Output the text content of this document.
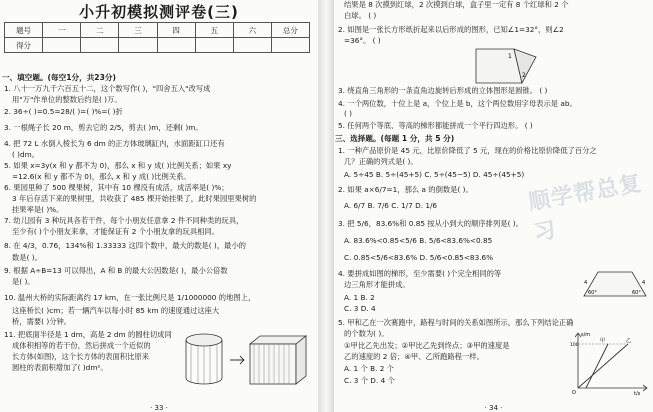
小升初模拟测评卷(三)
题号	一	二	三	四	五	六	总分
得分							
一、填空题。(每空1分，共23分)
1. 八十一万九千六百五十二，这个数写作( )，"四舍五入"改写成
用"万"作单位的整数后约是( )万。
2. 36÷( )=0.5=28/( )=( )%=( )折
3. 一根绳子长 20 m，剪去它的 2/5，剪去( )m，还剩( )m。
4. 把 72 L 水倒入棱长为 6 dm 的正方体玻璃缸内，水面距缸口还有
( )dm。
5. 如果 x=3y(x 和 y 都不为 0)，那么 x 和 y 成( )比例关系；如果 xy
=12.6(x 和 y 都不为 0)，那么 x 和 y 成( )比例关系。
6. 果园里种了 500 棵果树，其中有 10 棵没有成活，成活率是( )%；
3 年后存活下来的果树里，共收获了 485 棵开始挂果了，此时果园里果树的
挂果率是( )%。
7. 幼儿园有 3 种玩具各若干件，每个小朋友任意拿 2 件不同种类的玩具，
至少有( )个小朋友来拿，才能保证有 2 个小朋友拿的玩具相同。
8. 在 4/3，0.76，134%和 1.33333 这四个数中，最大的数是( )，最小的
数是( )。
9. 根据 A÷B=13 可以得出，A 和 B 的最大公因数是( )，最小公倍数
是( )。
10. 温州大桥的实际距离约 17 km，在一张比例尺是 1/1000000 的地图上，
这座桥长( )cm；若一辆汽车以每小时 85 km 的速度通过这座大
桥，需要( )分钟。
11. 把底面半径是 1 dm，高是 2 dm 的圆柱切成同
成体积相等的若干份，然后拼成一个近似的
长方体(如图)，这个长方体的表面积比原来
圆柱的表面积增加了( )dm²。
· 33 ·
结果是 8 次摸到红球，2 次摸到白球，盒子里一定有 8 个红球和 2 个
白球。 ( )
2. 如图是一张长方形纸折起来以后形成的图形，已知∠1=32°，则∠2
=36°。 ( )
1
2
3. 绕直角三角形的一条直角边旋转后形成的立体图形是圆锥。 ( )
4. 一个两位数，十位上是 a，个位上是 b，这个两位数用字母表示是 ab。
( )
5. 任何两个等底、等高的梯形都能拼成一个平行四边形。 ( )
三、选择题。(每题 1 分，共 5 分)
1. 一种产品原价是 45 元，比原价降低了 5 元，现在的价格比原价降低了百分之
几？正确的列式是( )。
A. 5÷45 B. 5÷(45+5) C. 5÷(45−5) D. 45÷(45+5)
2. 如果 a×6/7=1，那么 a 的倒数是( )。
A. 6/7 B. 7/6 C. 1/7 D. 1/6
3. 把 5/6，83.6%和 0.85 按从小到大的顺序排列是( )。
A. 83.6%<0.85<5/6 B. 5/6<83.6%<0.85
C. 0.85<5/6<83.6% D. 5/6<0.85<83.6%
4. 要拼成如图的梯形，至少需要( )个完全相同的等
边三角形才能拼成。
A. 1 B. 2
C. 3 D. 4
60°	60°
4	4
5. 甲和乙在一次赛跑中，路程与时间的关系如图所示，那么下列结论正确
的个数为( )。
①甲比乙先出发；②甲比乙先到终点；③甲的速度是
乙的速度的 2 倍；④甲、乙所跑路程一样。
A. 1 个 B. 2 个
C. 3 个 D. 4 个
s/m
t/s
O
100
甲	乙
顺学帮总复习
· 34 ·
